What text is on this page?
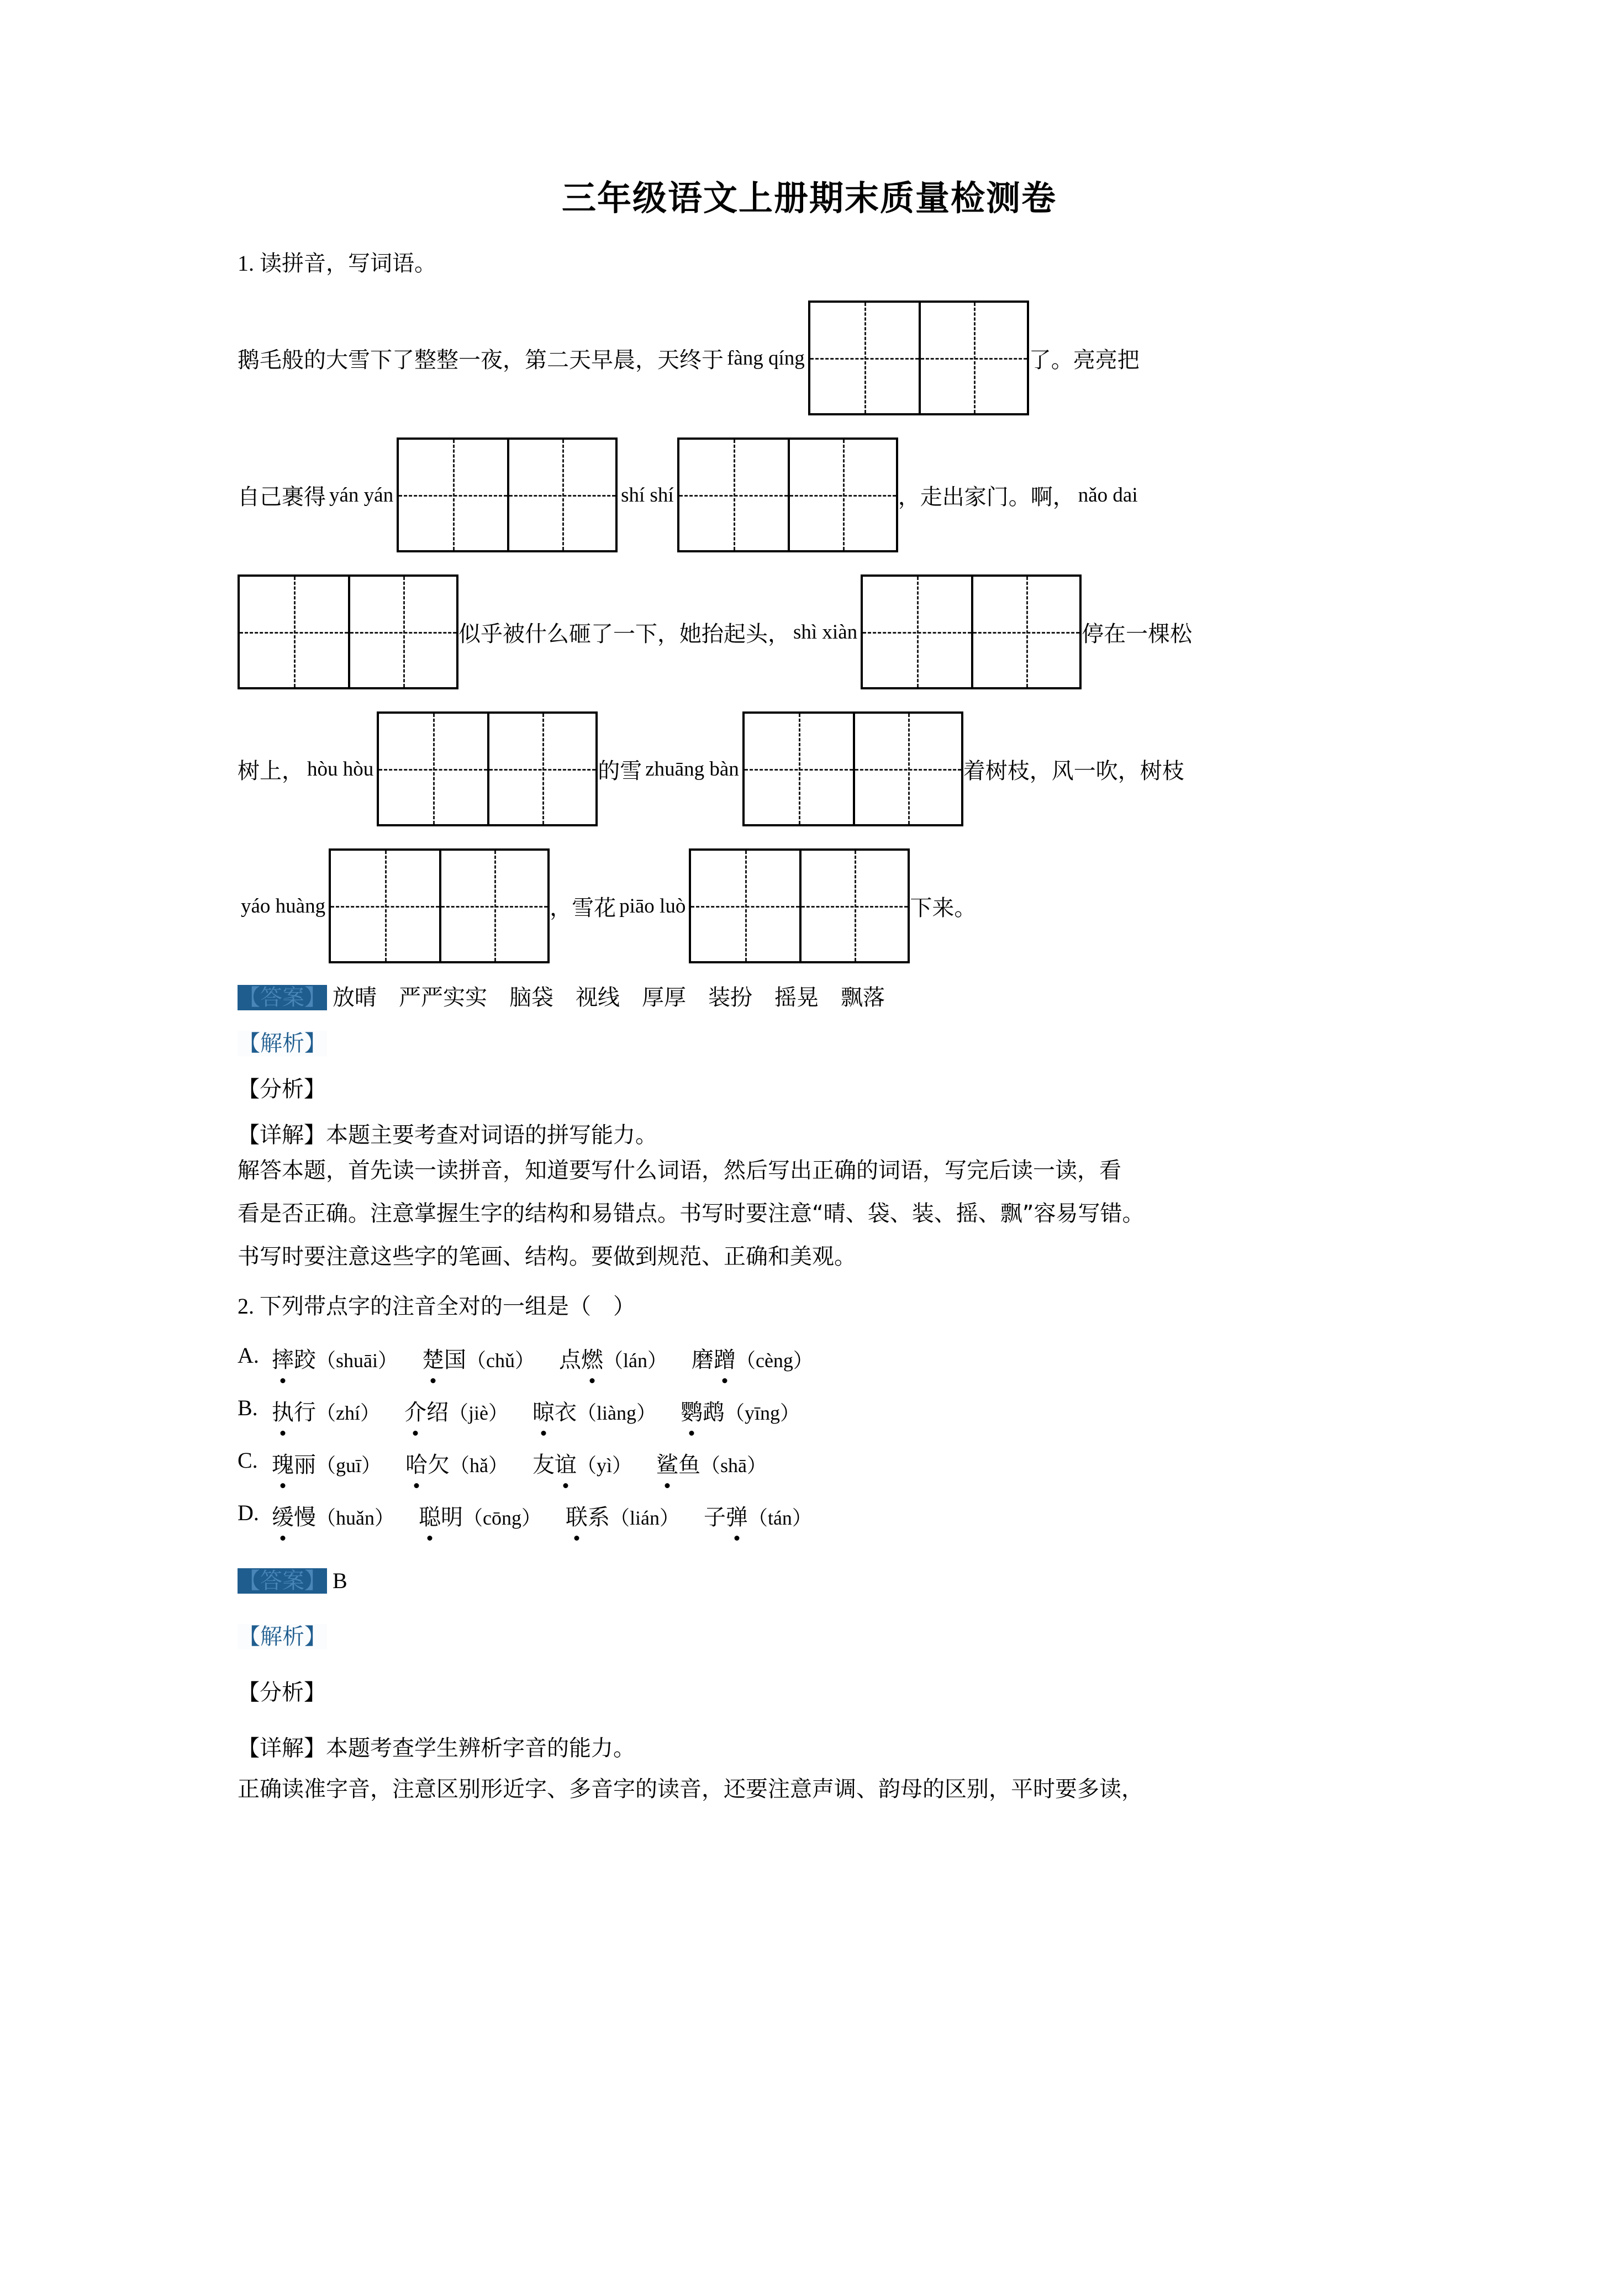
三年级语文上册期末质量检测卷
1. 读拼音，写词语。
鹅毛般的大雪下了整整一夜，第二天早晨，天终于 fàng qíng	了。亮亮把
自己裹得 yán yán	shí shí	，走出家门。啊， nǎo dai
似乎被什么砸了一下，她抬起头， shì xiàn	停在一棵松
树上， hòu hòu	的雪 zhuāng bàn	着树枝，风一吹，树枝
yáo huàng	，雪花 piāo luò	下来。
【答案】 放晴　严严实实　脑袋　视线　厚厚　装扮　摇晃　飘落
【解析】
【分析】
【详解】本题主要考查对词语的拼写能力。
解答本题，首先读一读拼音，知道要写什么词语，然后写出正确的词语，写完后读一读，看
看是否正确。注意掌握生字的结构和易错点。书写时要注意“晴、袋、装、摇、飘”容易写错。
书写时要注意这些字的笔画、结构。要做到规范、正确和美观。
2. 下列带点字的注音全对的一组是（　）
A. 摔跤（shuāi） 楚国（chǔ） 点燃（lán） 磨蹭（cèng）
B. 执行（zhí） 介绍（jiè） 晾衣（liàng） 鹦鹉（yīng）
C. 瑰丽（guī） 哈欠（hǎ） 友谊（yì） 鲨鱼（shā）
D. 缓慢（huǎn） 聪明（cōng） 联系（lián） 子弹（tán）
【答案】 B
【解析】
【分析】
【详解】本题考查学生辨析字音的能力。
正确读准字音，注意区别形近字、多音字的读音，还要注意声调、韵母的区别，平时要多读，
